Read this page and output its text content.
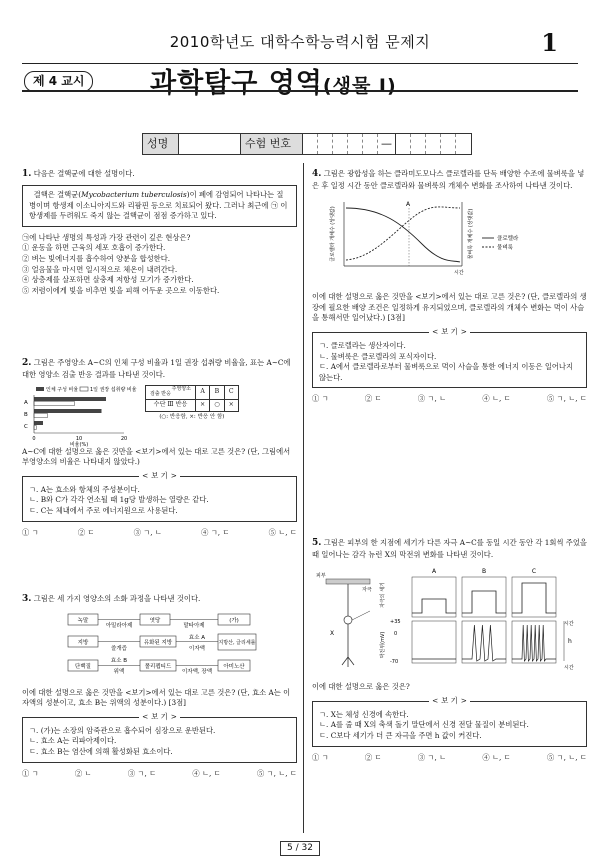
2010학년도 대학수학능력시험 문제지	1
제 4 교시	과학탐구 영역(생물 Ⅰ)
성명	수험 번호	—
1. 다음은 결핵균에 대한 설명이다.
결핵은 결핵균(Mycobacterium tuberculosis)이 폐에 감염되어 나타나는 질병이며 항생제 이소니아지드와 리팜핀 등으로 치료되어 왔다. 그러나 최근에 ㉠ 이 항생제를 두려워도 죽지 않는 결핵균이 점점 증가하고 있다.
㉠에 나타난 생명의 특성과 가장 관련이 깊은 현상은?
① 운동을 하면 근육의 세포 호흡이 증가한다.
② 벼는 빛에너지를 흡수하여 양분을 합성한다.
③ 얼음물을 마시면 일시적으로 체온이 내려간다.
④ 상층제를 살포하면 살충제 저항성 모기가 증가한다.
⑤ 저렴이에게 빛을 비추면 빛을 피해 어두운 곳으로 이동한다.
2. 그림은 주영양소 A~C의 인체 구성 비율과 1일 권장 섭취량 비율을, 표는 A~C에 대한 영양소 검출 반응 결과를 나타낸 것이다.
인체 구성 비율 1일 권장 섭취량 비율
A
B
C
0	10	20
비율(%)
주영양소

검출 반응	A	B	C
수단 Ⅲ 반응	×	○	×
(○: 반응함, ×: 반응 안 함)
A~C에 대한 설명으로 옳은 것만을 <보기>에서 있는 대로 고른 것은? (단, 그림에서 부영양소의 비율은 나타내지 않았다.)
< 보 기 >
ㄱ. A는 효소와 항체의 주성분이다.
ㄴ. B와 C가 각각 연소될 때 1g당 발생하는 열량은 같다.
ㄷ. C는 체내에서 주로 에너지원으로 사용된다.
① ㄱ	② ㄷ	③ ㄱ, ㄴ	④ ㄱ, ㄷ	⑤ ㄴ, ㄷ
3. 그림은 세 가지 영양소의 소화 과정을 나타낸 것이다.
녹말
아밀라아제
엿당
말타아제
(가)
지방
쓸개즙
유화된 지방
효소 A
이자액
지방산, 글리세롤
단백질
효소 B
위액
폴리펩티드
이자액, 장액
아미노산
이에 대한 설명으로 옳은 것만을 <보기>에서 있는 대로 고른 것은? (단, 효소 A는 이자액의 성분이고, 효소 B는 위액의 성분이다.) [3점]
< 보 기 >
ㄱ. (가)는 소장의 암죽관으로 흡수되어 심장으로 운반된다.
ㄴ. 효소 A는 리파아제이다.
ㄷ. 효소 B는 염산에 의해 활성화된 효소이다.
① ㄱ	② ㄴ	③ ㄱ, ㄷ	④ ㄴ, ㄷ	⑤ ㄱ, ㄴ, ㄷ
4. 그림은 광합성을 하는 클라미도모나스 클로렐라를 단독 배양한 수조에 물벼룩을 넣은 후 일정 시간 동안 클로렐라와 물벼룩의 개체수 변화를 조사하여 나타낸 것이다.
클로렐라 개체수 (상댓값)	물벼룩 개체수 (상댓값)
시간
A
클로렐라
물벼룩
이에 대한 설명으로 옳은 것만을 <보기>에서 있는 대로 고른 것은? (단, 클로렐라의 생장에 필요한 배양 조건은 일정하게 유지되었으며, 클로렐라의 개체수 변화는 먹이 사슬을 통해서만 일어났다.) [3점]
< 보 기 >
ㄱ. 클로렐라는 생산자이다.
ㄴ. 물벼룩은 클로렐라의 포식자이다.
ㄷ. A에서 클로렐라로부터 물벼룩으로 먹이 사슬을 통한 에너지 이동은 일어나지 않는다.
① ㄱ	② ㄷ	③ ㄱ, ㄴ	④ ㄴ, ㄷ	⑤ ㄱ, ㄴ, ㄷ
5. 그림은 피부의 한 지점에 세기가 다른 자극 A~C를 동일 시간 동안 각 1회씩 주었을 때 일어나는 감각 뉴런 X의 막전위 변화를 나타낸 것이다.
피부
자극
X
자극의 세기
막전위(mV)
+35
0
-70
A	B	C
시간
시간
h
이에 대한 설명으로 옳은 것은?
< 보 기 >
ㄱ. X는 체성 신경에 속한다.
ㄴ. A를 줄 때 X의 축색 돌기 말단에서 신경 전달 물질이 분비된다.
ㄷ. C보다 세기가 더 큰 자극을 주면 h 값이 커진다.
① ㄱ	② ㄷ	③ ㄱ, ㄴ	④ ㄴ, ㄷ	⑤ ㄱ, ㄴ, ㄷ
5 / 32
